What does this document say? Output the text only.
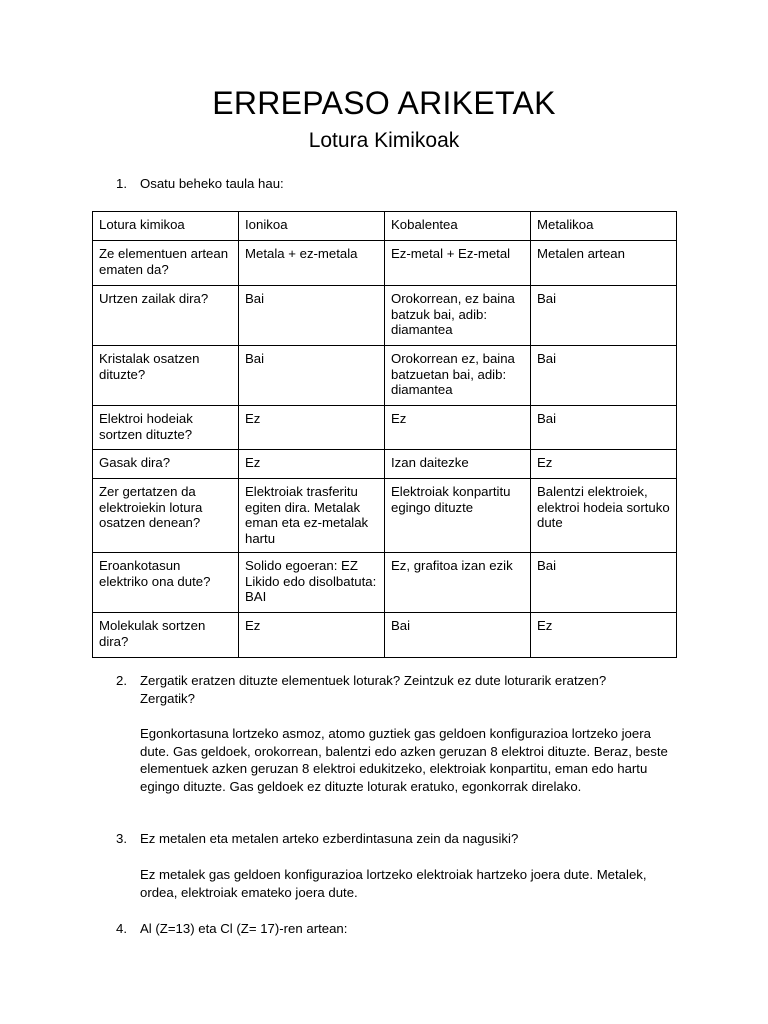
ERREPASO ARIKETAK
Lotura Kimikoak
1. Osatu beheko taula hau:
Lotura kimikoa	Ionikoa	Kobalentea	Metalikoa
Ze elementuen artean ematen da?	Metala + ez-metala	Ez-metal + Ez-metal	Metalen artean
Urtzen zailak dira?	Bai	Orokorrean, ez baina batzuk bai, adib: diamantea	Bai
Kristalak osatzen dituzte?	Bai	Orokorrean ez, baina batzuetan bai, adib: diamantea	Bai
Elektroi hodeiak sortzen dituzte?	Ez	Ez	Bai
Gasak dira?	Ez	Izan daitezke	Ez
Zer gertatzen da elektroiekin lotura osatzen denean?	Elektroiak trasferitu egiten dira. Metalak eman eta ez-metalak hartu	Elektroiak konpartitu egingo dituzte	Balentzi elektroiek, elektroi hodeia sortuko dute
Eroankotasun elektriko ona dute?	Solido egoeran: EZ Likido edo disolbatuta: BAI	Ez, grafitoa izan ezik	Bai
Molekulak sortzen dira?	Ez	Bai	Ez
2. Zergatik eratzen dituzte elementuek loturak? Zeintzuk ez dute loturarik eratzen? Zergatik?
Egonkortasuna lortzeko asmoz, atomo guztiek gas geldoen konfigurazioa lortzeko joera dute. Gas geldoek, orokorrean, balentzi edo azken geruzan 8 elektroi dituzte. Beraz, beste elementuek azken geruzan 8 elektroi edukitzeko, elektroiak konpartitu, eman edo hartu egingo dituzte. Gas geldoek ez dituzte loturak eratuko, egonkorrak direlako.
3. Ez metalen eta metalen arteko ezberdintasuna zein da nagusiki?
Ez metalek gas geldoen konfigurazioa lortzeko elektroiak hartzeko joera dute. Metalek, ordea, elektroiak emateko joera dute.
4. Al (Z=13) eta Cl (Z= 17)-ren artean:
